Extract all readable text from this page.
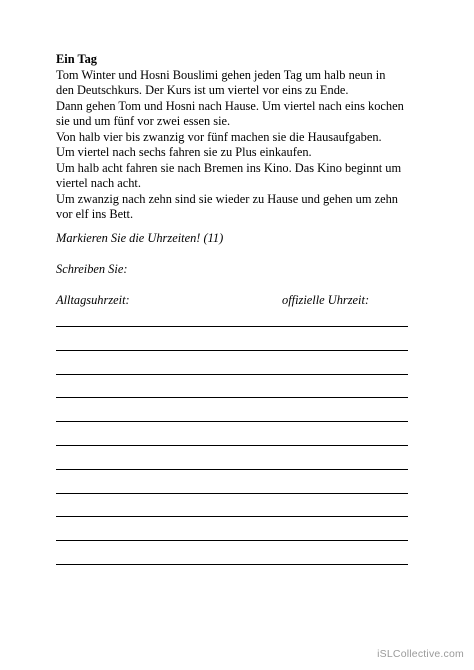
Ein Tag
Tom Winter und Hosni Bouslimi gehen jeden Tag um halb neun in
den Deutschkurs. Der Kurs ist um viertel vor eins zu Ende.
Dann gehen Tom und Hosni nach Hause. Um viertel nach eins kochen
sie und um fünf vor zwei essen sie.
Von halb vier bis zwanzig vor fünf machen sie die Hausaufgaben.
Um viertel nach sechs fahren sie zu Plus einkaufen.
Um halb acht fahren sie nach Bremen ins Kino. Das Kino beginnt um
viertel nach acht.
Um zwanzig nach zehn sind sie wieder zu Hause und gehen um zehn
vor elf ins Bett.
Markieren Sie die Uhrzeiten! (11)
Schreiben Sie:
Alltagsuhrzeit:	offizielle Uhrzeit:
iSLCollective.com
